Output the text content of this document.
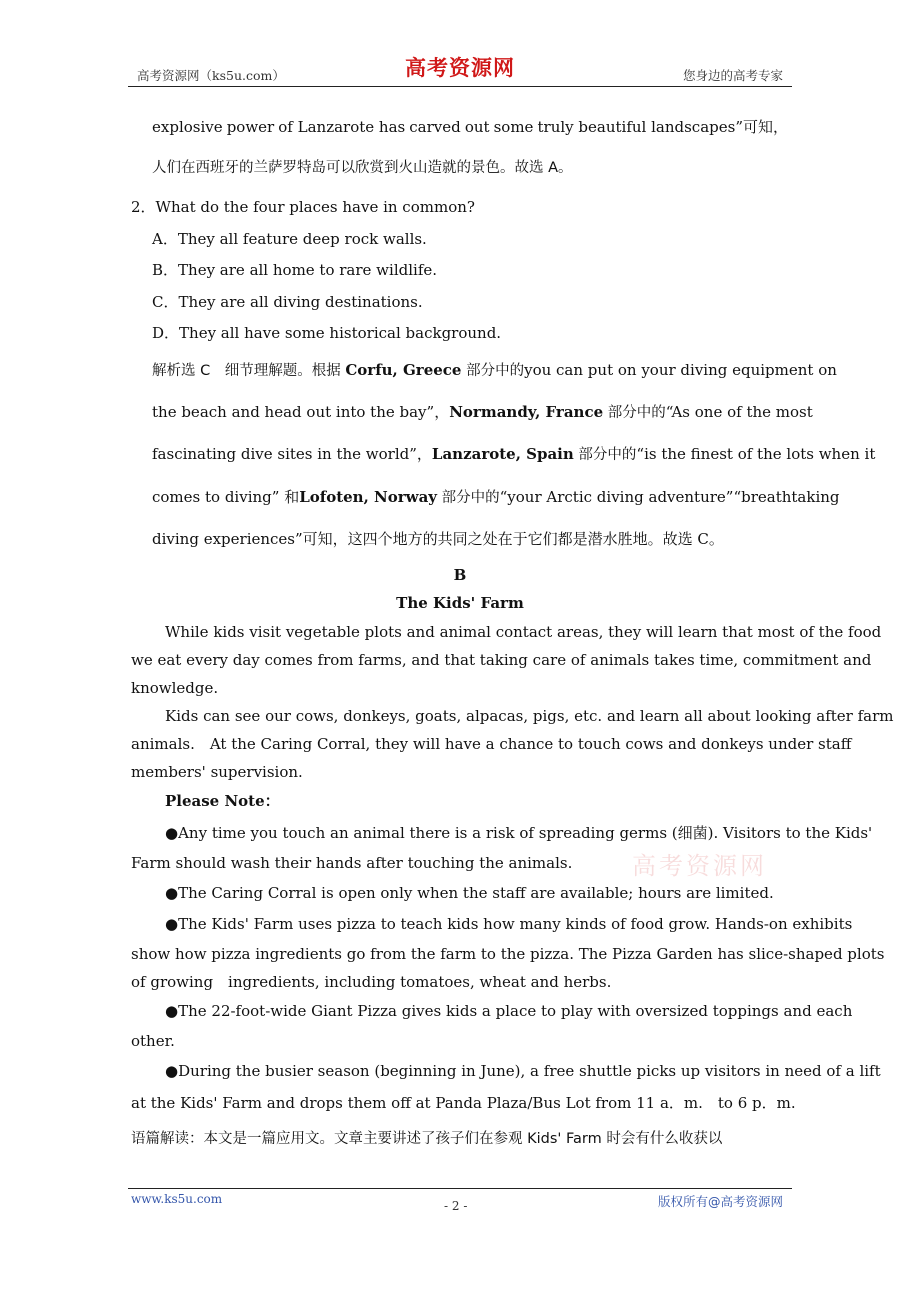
高考资源网（ks5u.com）	高考资源网	您身边的高考专家
explosive power of Lanzarote has carved out some truly beautiful landscapes”可知，
人们在西班牙的兰萨罗特岛可以欣赏到火山造就的景色。故选 A。
2．What do the four places have in common?
A．They all feature deep rock walls.
B．They are all home to rare wildlife.
C．They are all diving destinations.
D．They all have some historical background.
解析选 C　细节理解题。根据 Corfu, Greece 部分中的 you can put on your diving equipment on
the beach and head out into the bay”， Normandy, France 部分中的 “As one of the most
fascinating dive sites in the world”， Lanzarote, Spain 部分中的 “is the finest of the lots when it
comes to diving” 和 Lofoten, Norway 部分中的 “your Arctic diving adventure”“breathtaking
diving experiences”可知，这四个地方的共同之处在于它们都是潜水胜地。故选 C。
B
The Kids' Farm
While kids visit vegetable plots and animal contact areas, they will learn that most of the food
we eat every day comes from farms, and that taking care of animals takes time, commitment and
knowledge.
Kids can see our cows, donkeys, goats, alpacas, pigs, etc. and learn all about looking after farm
animals.　At the Caring Corral, they will have a chance to touch cows and donkeys under staff
members' supervision.
Please Note：
●Any time you touch an animal there is a risk of spreading germs (细菌). Visitors to the Kids'
Farm should wash their hands after touching the animals.
●The Caring Corral is open only when the staff are available; hours are limited.
●The Kids' Farm uses pizza to teach kids how many kinds of food grow. Hands-on exhibits
show how pizza ingredients go from the farm to the pizza. The Pizza Garden has slice-shaped plots
of growing　ingredients, including tomatoes, wheat and herbs.
●The 22-foot-wide Giant Pizza gives kids a place to play with oversized toppings and each
other.
●During the busier season (beginning in June), a free shuttle picks up visitors in need of a lift
at the Kids' Farm and drops them off at Panda Plaza/Bus Lot from 11 a．m.　to 6 p．m.
语篇解读：本文是一篇应用文。文章主要讲述了孩子们在参观 Kids' Farm 时会有什么收获以
高考资源网
www.ks5u.com	- 2 -	版权所有@高考资源网
